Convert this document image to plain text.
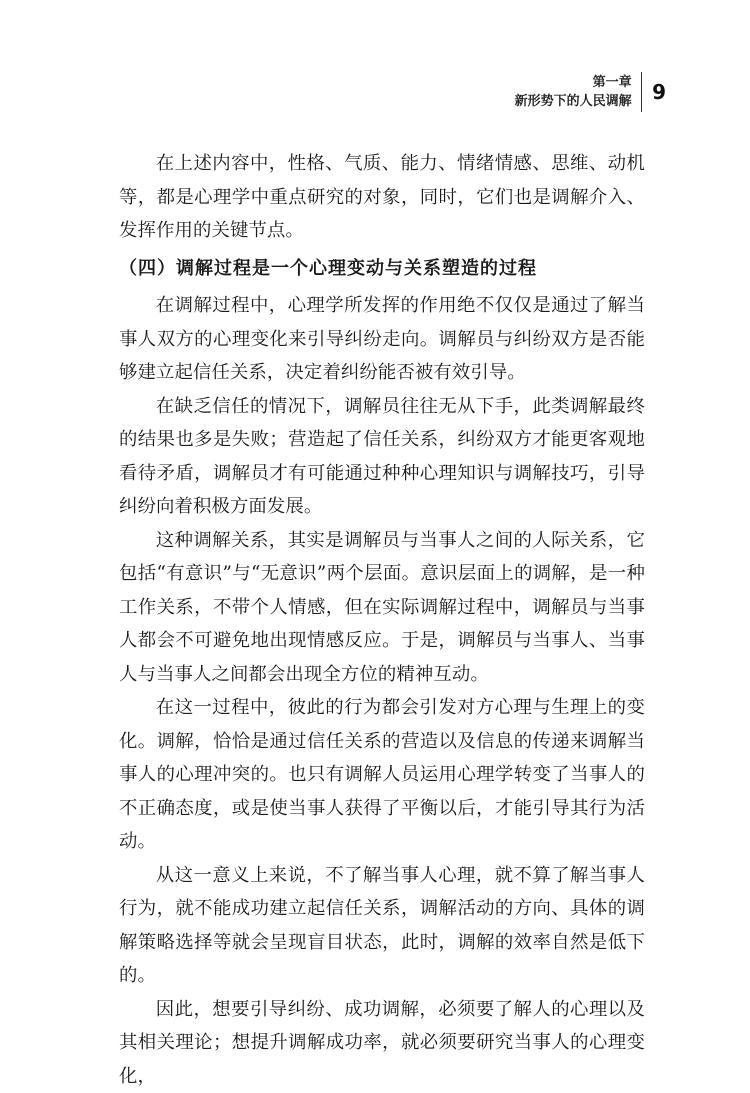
第一章
新形势下的人民调解 9

在上述内容中，性格、气质、能力、情绪情感、思维、动机等，都是心理学中重点研究的对象，同时，它们也是调解介入、发挥作用的关键节点。

（四）调解过程是一个心理变动与关系塑造的过程

在调解过程中，心理学所发挥的作用绝不仅仅是通过了解当事人双方的心理变化来引导纠纷走向。调解员与纠纷双方是否能够建立起信任关系，决定着纠纷能否被有效引导。

在缺乏信任的情况下，调解员往往无从下手，此类调解最终的结果也多是失败；营造起了信任关系，纠纷双方才能更客观地看待矛盾，调解员才有可能通过种种心理知识与调解技巧，引导纠纷向着积极方面发展。

这种调解关系，其实是调解员与当事人之间的人际关系，它包括“有意识”与“无意识”两个层面。意识层面上的调解，是一种工作关系，不带个人情感，但在实际调解过程中，调解员与当事人都会不可避免地出现情感反应。于是，调解员与当事人、当事人与当事人之间都会出现全方位的精神互动。

在这一过程中，彼此的行为都会引发对方心理与生理上的变化。调解，恰恰是通过信任关系的营造以及信息的传递来调解当事人的心理冲突的。也只有调解人员运用心理学转变了当事人的不正确态度，或是使当事人获得了平衡以后，才能引导其行为活动。

从这一意义上来说，不了解当事人心理，就不算了解当事人行为，就不能成功建立起信任关系，调解活动的方向、具体的调解策略选择等就会呈现盲目状态，此时，调解的效率自然是低下的。

因此，想要引导纠纷、成功调解，必须要了解人的心理以及其相关理论；想提升调解成功率，就必须要研究当事人的心理变化，
